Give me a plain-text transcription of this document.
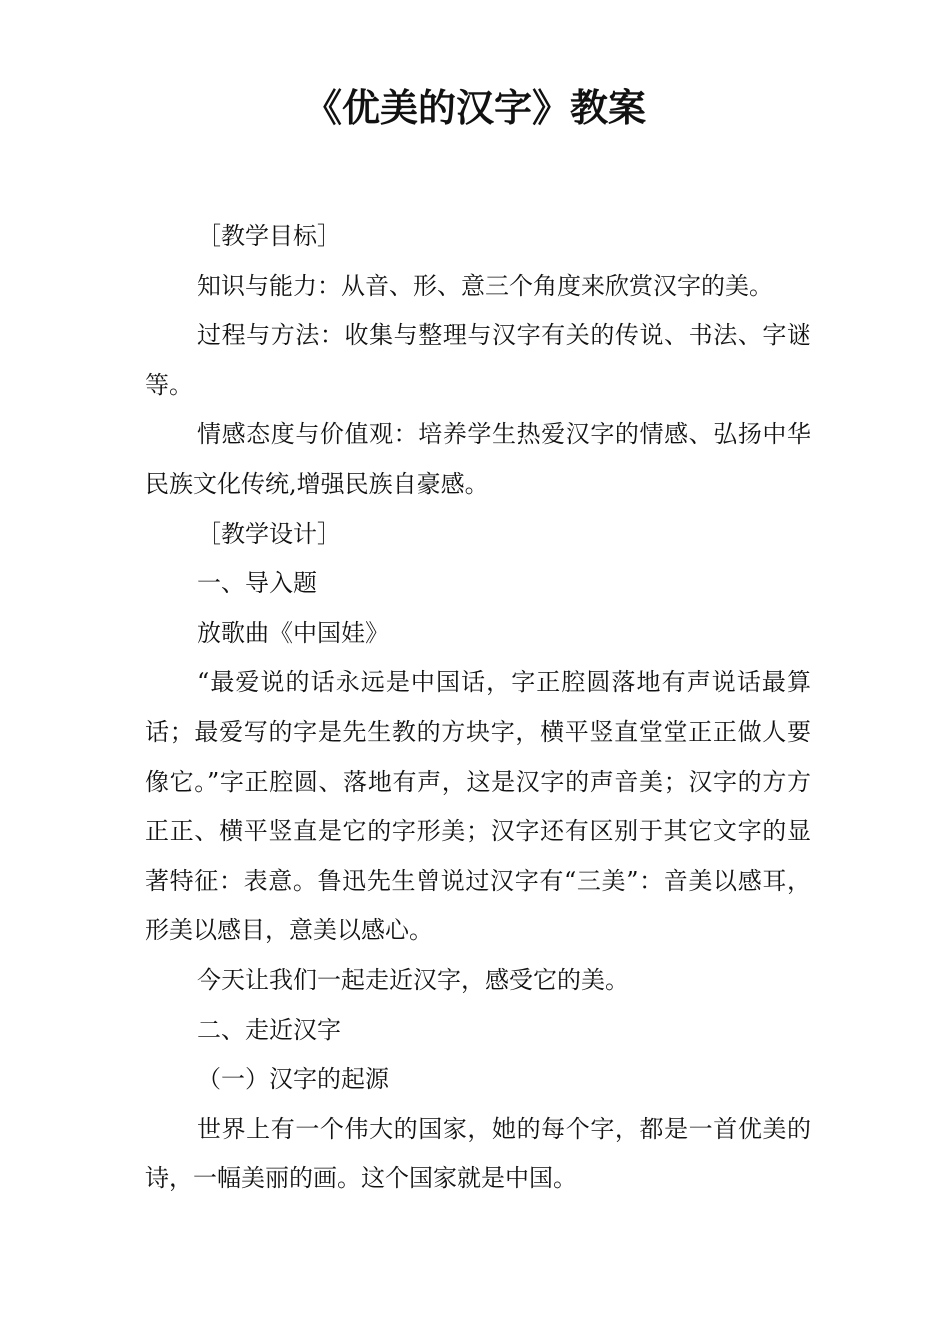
《优美的汉字》教案

［教学目标］

知识与能力：从音、形、意三个角度来欣赏汉字的美。

过程与方法：收集与整理与汉字有关的传说、书法、字谜等。

情感态度与价值观：培养学生热爱汉字的情感、弘扬中华民族文化传统,增强民族自豪感。

［教学设计］

一、导入题

放歌曲《中国娃》

“最爱说的话永远是中国话，字正腔圆落地有声说话最算话；最爱写的字是先生教的方块字，横平竖直堂堂正正做人要像它。”字正腔圆、落地有声，这是汉字的声音美；汉字的方方正正、横平竖直是它的字形美；汉字还有区别于其它文字的显著特征：表意。鲁迅先生曾说过汉字有“三美”：音美以感耳，形美以感目，意美以感心。

今天让我们一起走近汉字，感受它的美。

二、走近汉字

（一）汉字的起源

世界上有一个伟大的国家，她的每个字，都是一首优美的诗，一幅美丽的画。这个国家就是中国。
